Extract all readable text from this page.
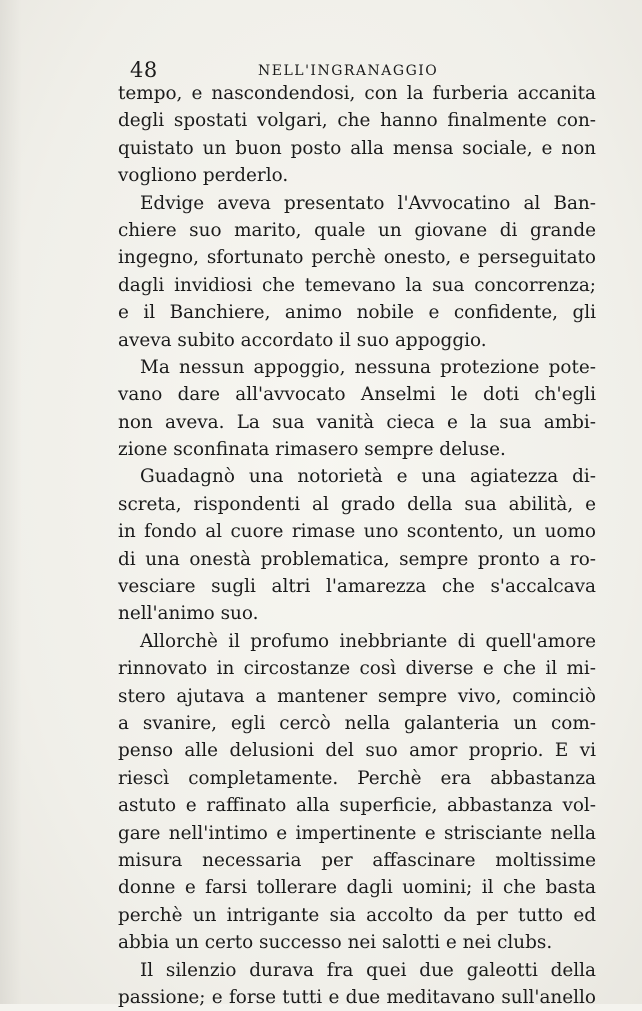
48	NELL'INGRANAGGIO
tempo, e nascondendosi, con la furberia accanita
degli spostati volgari, che hanno finalmente con-
quistato un buon posto alla mensa sociale, e non
vogliono perderlo.
Edvige aveva presentato l'Avvocatino al Ban-
chiere suo marito, quale un giovane di grande
ingegno, sfortunato perchè onesto, e perseguitato
dagli invidiosi che temevano la sua concorrenza;
e il Banchiere, animo nobile e confidente, gli
aveva subito accordato il suo appoggio.
Ma nessun appoggio, nessuna protezione pote-
vano dare all'avvocato Anselmi le doti ch'egli
non aveva. La sua vanità cieca e la sua ambi-
zione sconfinata rimasero sempre deluse.
Guadagnò una notorietà e una agiatezza di-
screta, rispondenti al grado della sua abilità, e
in fondo al cuore rimase uno scontento, un uomo
di una onestà problematica, sempre pronto a ro-
vesciare sugli altri l'amarezza che s'accalcava
nell'animo suo.
Allorchè il profumo inebbriante di quell'amore
rinnovato in circostanze così diverse e che il mi-
stero ajutava a mantener sempre vivo, cominciò
a svanire, egli cercò nella galanteria un com-
penso alle delusioni del suo amor proprio. E vi
riescì completamente. Perchè era abbastanza
astuto e raffinato alla superficie, abbastanza vol-
gare nell'intimo e impertinente e strisciante nella
misura necessaria per affascinare moltissime
donne e farsi tollerare dagli uomini; il che basta
perchè un intrigante sia accolto da per tutto ed
abbia un certo successo nei salotti e nei clubs.
Il silenzio durava fra quei due galeotti della
passione; e forse tutti e due meditavano sull'anello
